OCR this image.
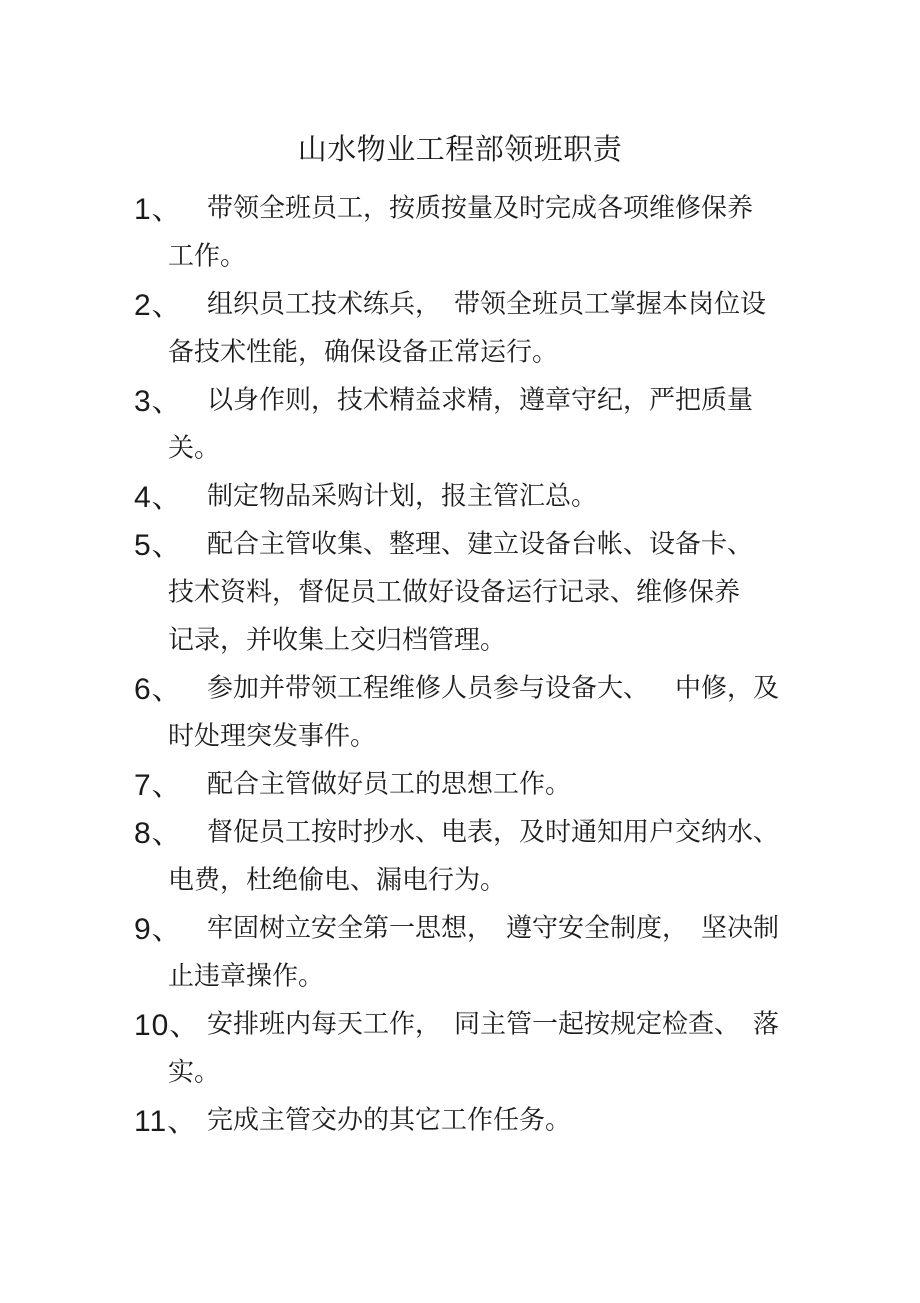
山水物业工程部领班职责
1、 带领全班员工，按质按量及时完成各项维修保养
工作。
2、 组织员工技术练兵，  带领全班员工掌握本岗位设
备技术性能，确保设备正常运行。
3、 以身作则，技术精益求精，遵章守纪，严把质量
关。
4、 制定物品采购计划，报主管汇总。
5、 配合主管收集、整理、建立设备台帐、设备卡、
技术资料，督促员工做好设备运行记录、维修保养
记录，并收集上交归档管理。
6、 参加并带领工程维修人员参与设备大、    中修，及
时处理突发事件。
7、 配合主管做好员工的思想工作。
8、 督促员工按时抄水、电表，及时通知用户交纳水、
电费，杜绝偷电、漏电行为。
9、 牢固树立安全第一思想，  遵守安全制度，  坚决制
止违章操作。
10、 安排班内每天工作，  同主管一起按规定检查、  落
实。
11、 完成主管交办的其它工作任务。
